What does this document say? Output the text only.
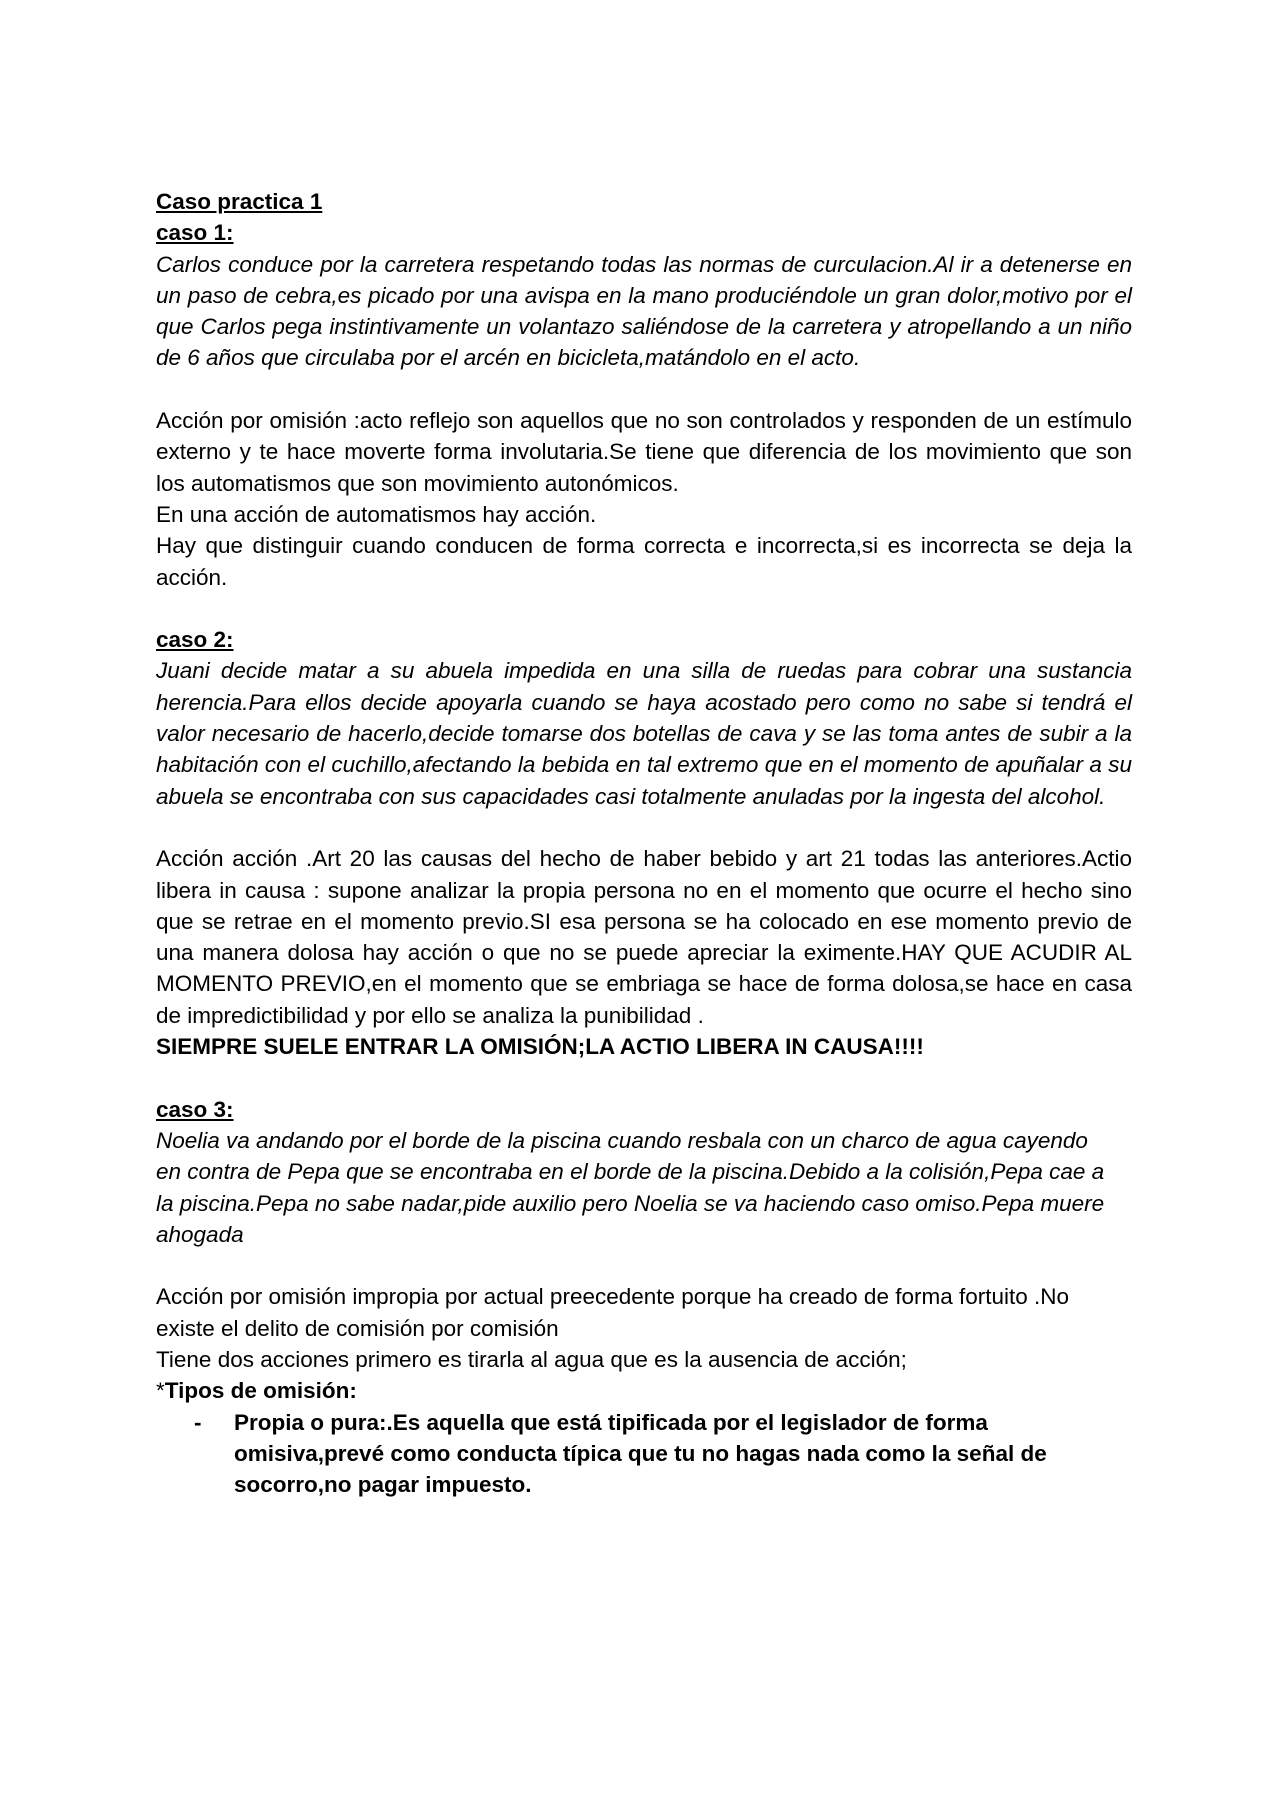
Caso practica 1

caso 1:

Carlos conduce por la carretera respetando todas las normas de curculacion.Al ir a detenerse en un paso de cebra,es picado por una avispa en la mano produciéndole un gran dolor,motivo por el que Carlos pega instintivamente un volantazo saliéndose de la carretera y atropellando a un niño de 6 años que circulaba por el arcén en bicicleta,matándolo en el acto.

Acción por omisión :acto reflejo son aquellos que no son controlados y responden de un estímulo externo y te hace moverte forma involutaria.Se tiene que diferencia de los movimiento que son los automatismos que son movimiento autonómicos.

En una acción de automatismos hay acción.

Hay que distinguir cuando conducen de forma correcta e incorrecta,si es incorrecta se deja la acción.

caso 2:

Juani decide matar a su abuela impedida en una silla de ruedas para cobrar una sustancia herencia.Para ellos decide apoyarla cuando se haya acostado pero como no sabe si tendrá el valor necesario de hacerlo,decide tomarse dos botellas de cava y se las toma antes de subir a la habitación con el cuchillo,afectando la bebida en tal extremo que en el momento de apuñalar a su abuela se encontraba con sus capacidades casi totalmente anuladas por la ingesta del alcohol.

Acción acción .Art 20 las causas del hecho de haber bebido y art 21 todas las anteriores.Actio libera in causa : supone analizar la propia persona no en el momento que ocurre el hecho sino que se retrae en el momento previo.SI esa persona se ha colocado en ese momento previo de una manera dolosa hay acción o que no se puede apreciar la eximente.HAY QUE ACUDIR AL MOMENTO PREVIO,en el momento que se embriaga se hace de forma dolosa,se hace en casa de impredictibilidad y por ello se analiza la punibilidad .

SIEMPRE SUELE ENTRAR LA OMISIÓN;LA ACTIO LIBERA IN CAUSA!!!!

caso 3:

Noelia va andando por el borde de la piscina cuando resbala con un charco de agua cayendo en contra de Pepa que se encontraba en el borde de la piscina.Debido a la colisión,Pepa cae a la piscina.Pepa no sabe nadar,pide auxilio pero Noelia se va haciendo caso omiso.Pepa muere ahogada

Acción por omisión impropia por actual preecedente porque ha creado de forma fortuito .No existe el delito de comisión por comisión

Tiene dos acciones primero es tirarla al agua que es la ausencia de acción;

*Tipos de omisión:

-	Propia o pura:.Es aquella que está tipificada por el legislador de forma omisiva,prevé como conducta típica que tu no hagas nada como la señal de socorro,no pagar impuesto.
